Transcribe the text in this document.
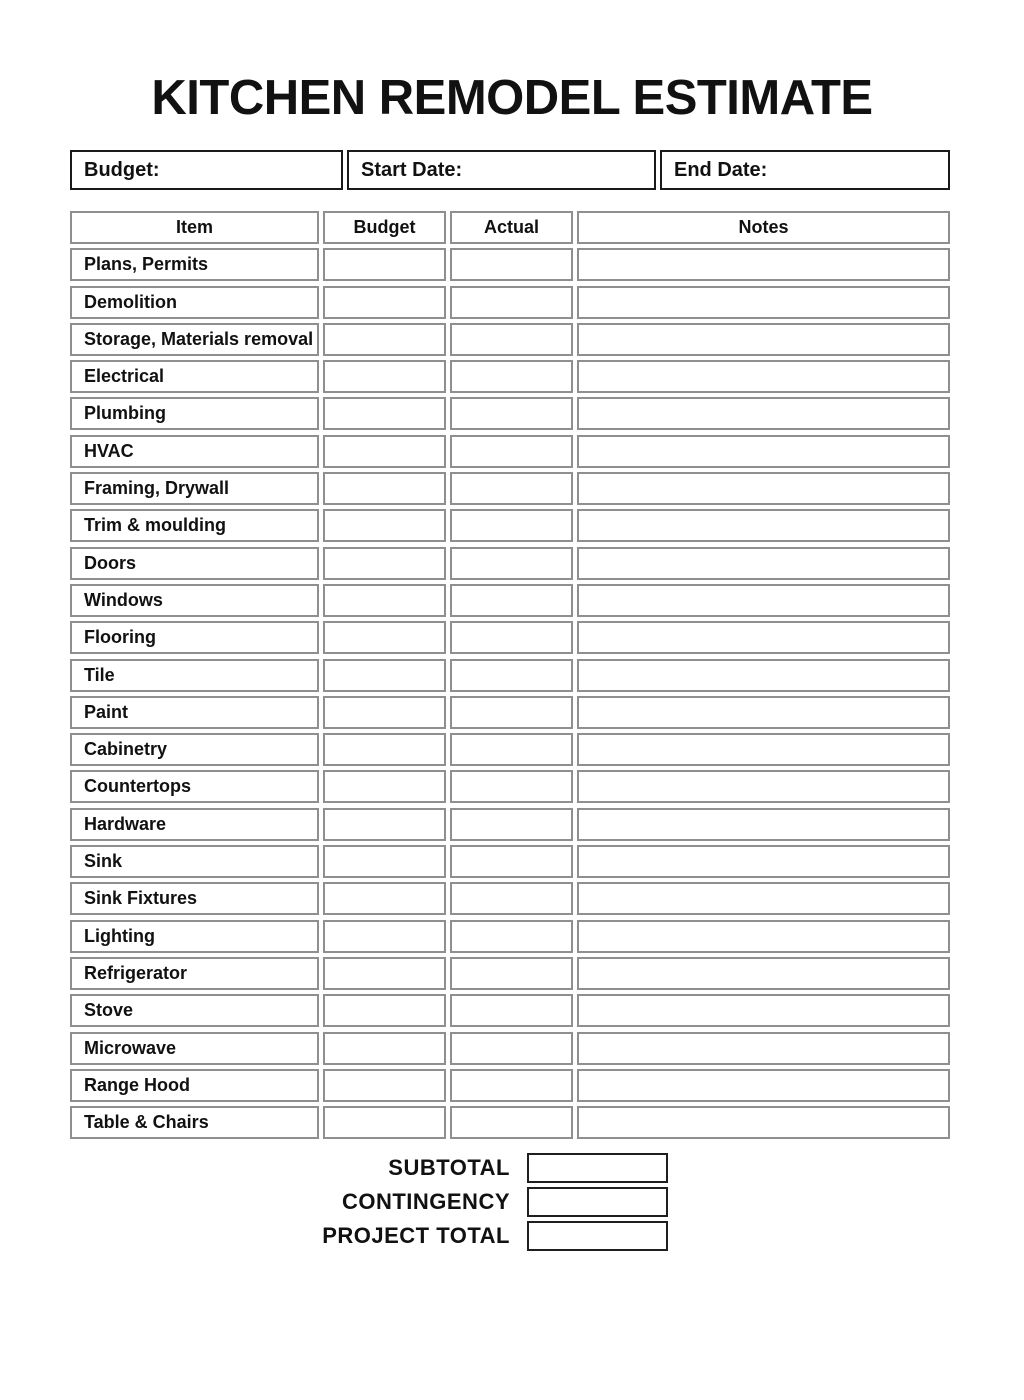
KITCHEN REMODEL ESTIMATE
Budget:	Start Date:	End Date:
Item	Budget	Actual	Notes
Plans, Permits
Demolition
Storage, Materials removal
Electrical
Plumbing
HVAC
Framing, Drywall
Trim & moulding
Doors
Windows
Flooring
Tile
Paint
Cabinetry
Countertops
Hardware
Sink
Sink Fixtures
Lighting
Refrigerator
Stove
Microwave
Range Hood
Table & Chairs
SUBTOTAL
CONTINGENCY
PROJECT TOTAL
